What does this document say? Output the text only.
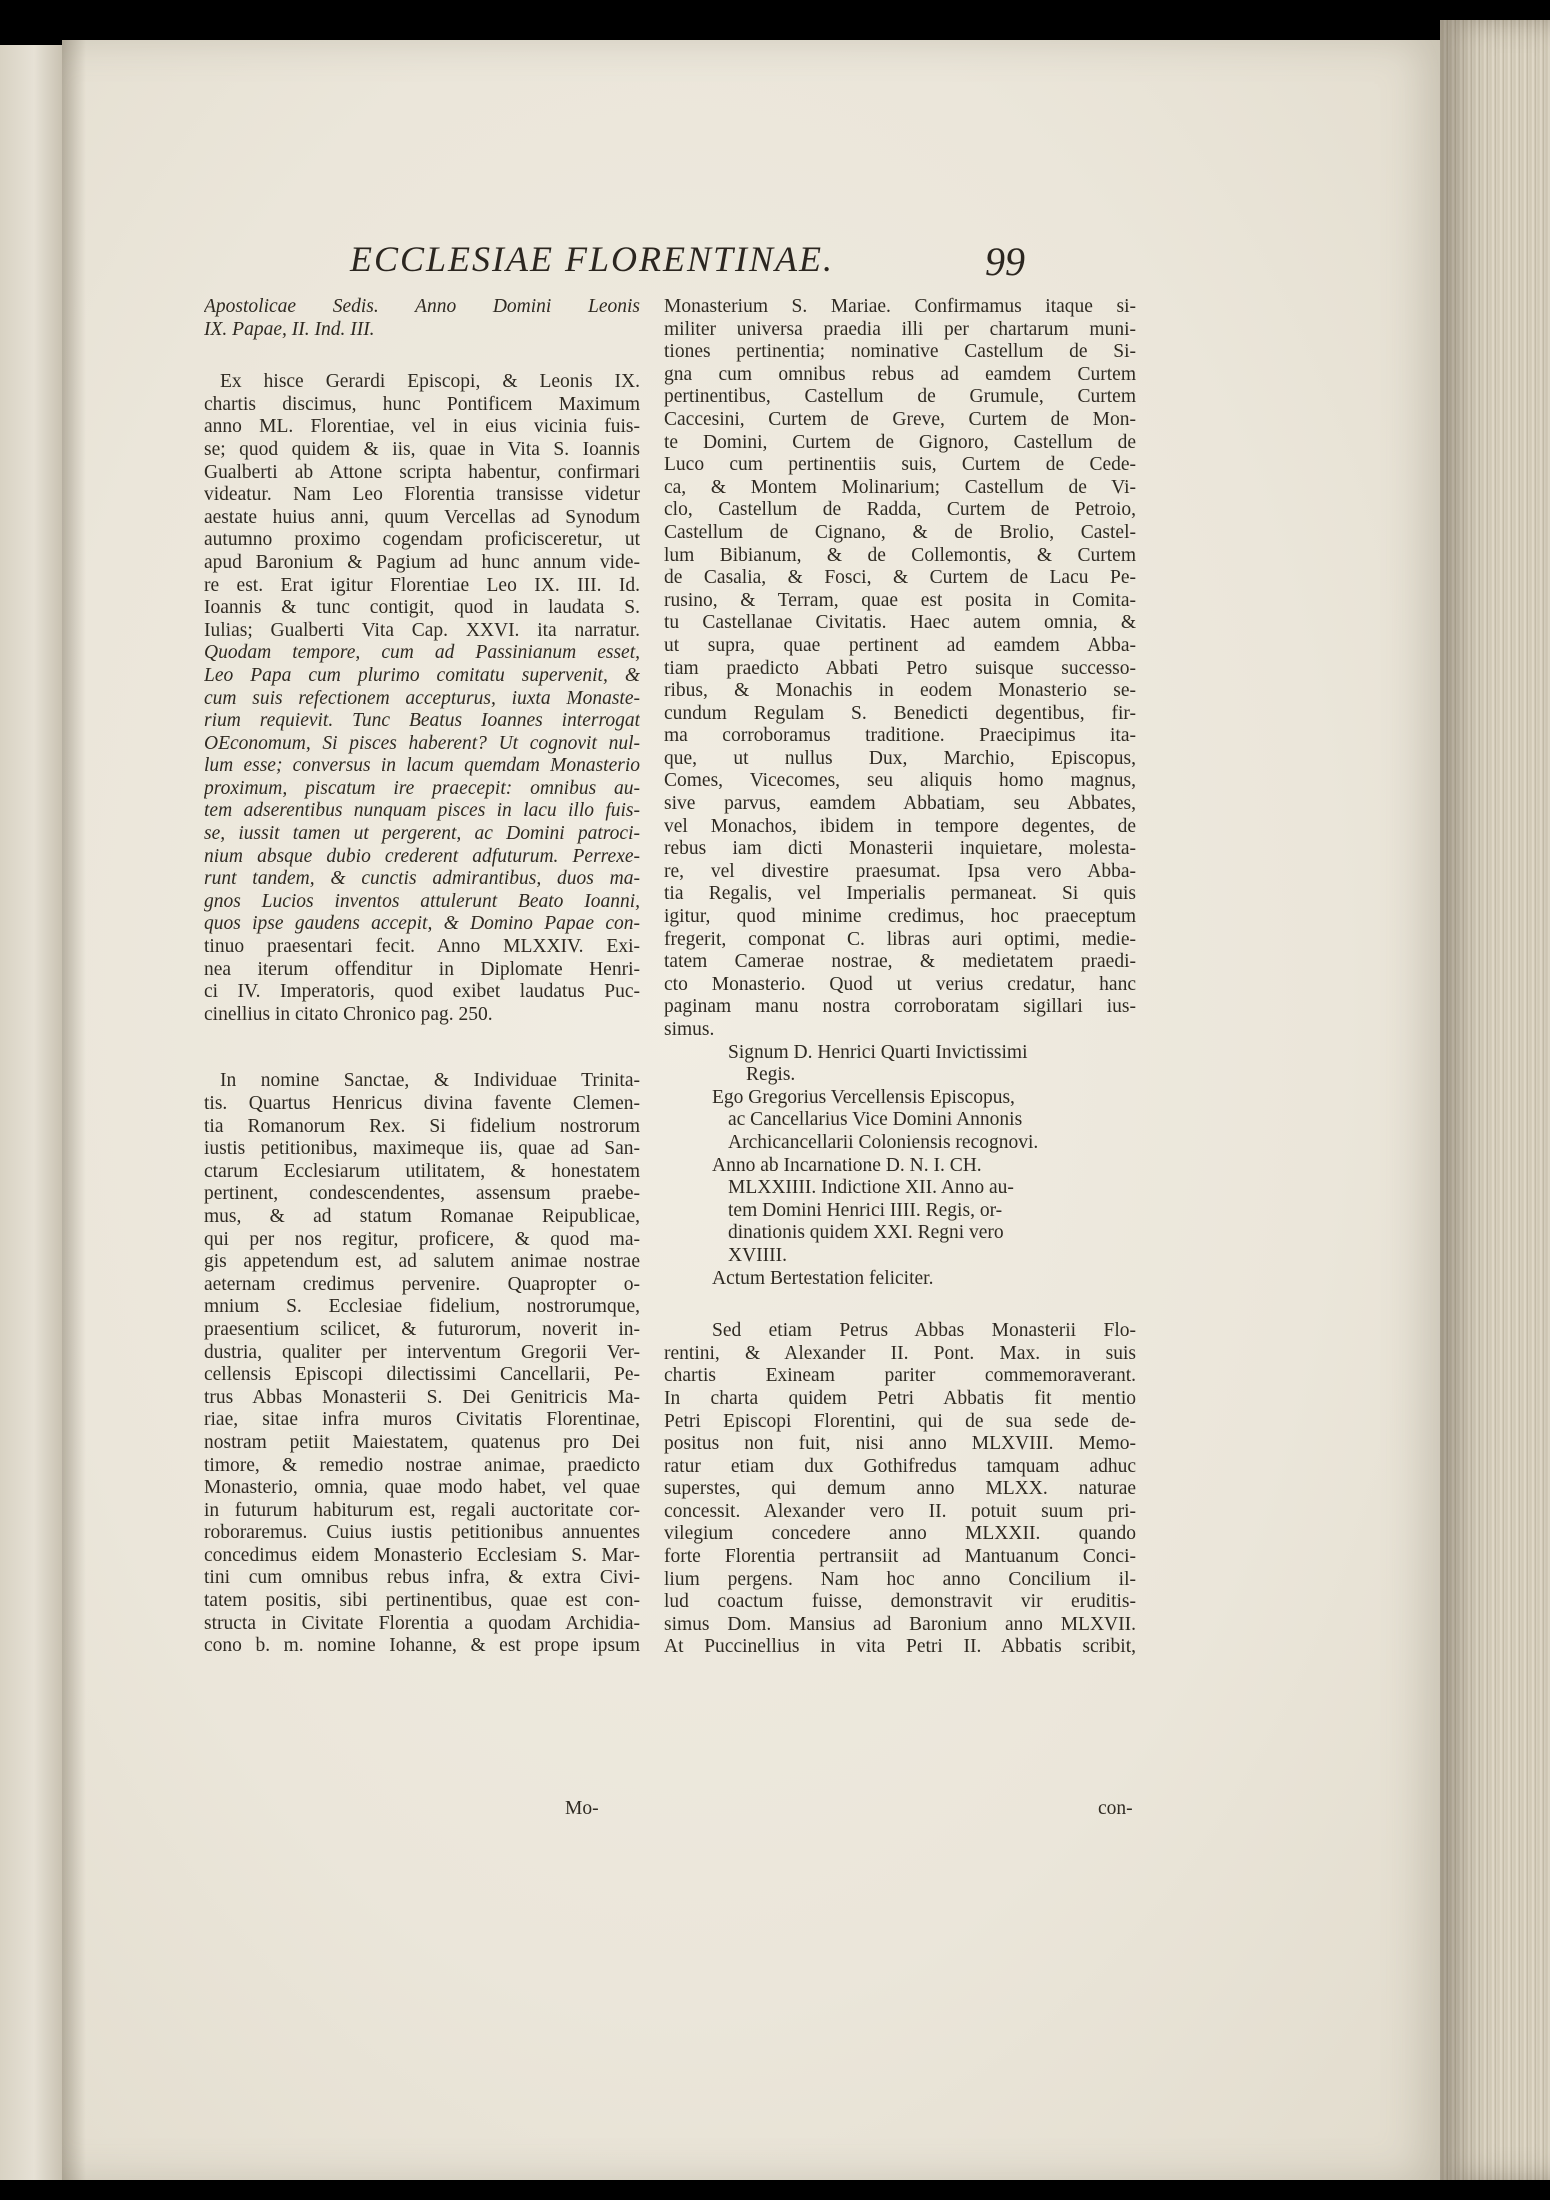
ECCLESIAE FLORENTINAE.	99
Apostolicae Sedis. Anno Domini Leonis
IX. Papae, II. Ind. III.
Ex hisce Gerardi Episcopi, & Leonis IX.
chartis discimus, hunc Pontificem Maximum
anno ML. Florentiae, vel in eius vicinia fuis-
se; quod quidem & iis, quae in Vita S. Ioannis
Gualberti ab Attone scripta habentur, confirmari
videatur. Nam Leo Florentia transisse videtur
aestate huius anni, quum Vercellas ad Synodum
autumno proximo cogendam proficisceretur, ut
apud Baronium & Pagium ad hunc annum vide-
re est. Erat igitur Florentiae Leo IX. III. Id.
Ioannis & tunc contigit, quod in laudata S.
Iulias; Gualberti Vita Cap. XXVI. ita narratur.
Quodam tempore, cum ad Passinianum esset,
Leo Papa cum plurimo comitatu supervenit, &
cum suis refectionem accepturus, iuxta Monaste-
rium requievit. Tunc Beatus Ioannes interrogat
OEconomum, Si pisces haberent? Ut cognovit nul-
lum esse; conversus in lacum quemdam Monasterio
proximum, piscatum ire praecepit: omnibus au-
tem adserentibus nunquam pisces in lacu illo fuis-
se, iussit tamen ut pergerent, ac Domini patroci-
nium absque dubio crederent adfuturum. Perrexe-
runt tandem, & cunctis admirantibus, duos ma-
gnos Lucios inventos attulerunt Beato Ioanni,
quos ipse gaudens accepit, & Domino Papae con-
tinuo praesentari fecit. Anno MLXXIV. Exi-
nea iterum offenditur in Diplomate Henri-
ci IV. Imperatoris, quod exibet laudatus Puc-
cinellius in citato Chronico pag. 250.
In nomine Sanctae, & Individuae Trinita-
tis. Quartus Henricus divina favente Clemen-
tia Romanorum Rex. Si fidelium nostrorum
iustis petitionibus, maximeque iis, quae ad San-
ctarum Ecclesiarum utilitatem, & honestatem
pertinent, condescendentes, assensum praebe-
mus, & ad statum Romanae Reipublicae,
qui per nos regitur, proficere, & quod ma-
gis appetendum est, ad salutem animae nostrae
aeternam credimus pervenire. Quapropter o-
mnium S. Ecclesiae fidelium, nostrorumque,
praesentium scilicet, & futurorum, noverit in-
dustria, qualiter per interventum Gregorii Ver-
cellensis Episcopi dilectissimi Cancellarii, Pe-
trus Abbas Monasterii S. Dei Genitricis Ma-
riae, sitae infra muros Civitatis Florentinae,
nostram petiit Maiestatem, quatenus pro Dei
timore, & remedio nostrae animae, praedicto
Monasterio, omnia, quae modo habet, vel quae
in futurum habiturum est, regali auctoritate cor-
roboraremus. Cuius iustis petitionibus annuentes
concedimus eidem Monasterio Ecclesiam S. Mar-
tini cum omnibus rebus infra, & extra Civi-
tatem positis, sibi pertinentibus, quae est con-
structa in Civitate Florentia a quodam Archidia-
cono b. m. nomine Iohanne, & est prope ipsum
Mo-
Monasterium S. Mariae. Confirmamus itaque si-
militer universa praedia illi per chartarum muni-
tiones pertinentia; nominative Castellum de Si-
gna cum omnibus rebus ad eamdem Curtem
pertinentibus, Castellum de Grumule, Curtem
Caccesini, Curtem de Greve, Curtem de Mon-
te Domini, Curtem de Gignoro, Castellum de
Luco cum pertinentiis suis, Curtem de Cede-
ca, & Montem Molinarium; Castellum de Vi-
clo, Castellum de Radda, Curtem de Petroio,
Castellum de Cignano, & de Brolio, Castel-
lum Bibianum, & de Collemontis, & Curtem
de Casalia, & Fosci, & Curtem de Lacu Pe-
rusino, & Terram, quae est posita in Comita-
tu Castellanae Civitatis. Haec autem omnia, &
ut supra, quae pertinent ad eamdem Abba-
tiam praedicto Abbati Petro suisque successo-
ribus, & Monachis in eodem Monasterio se-
cundum Regulam S. Benedicti degentibus, fir-
ma corroboramus traditione. Praecipimus ita-
que, ut nullus Dux, Marchio, Episcopus,
Comes, Vicecomes, seu aliquis homo magnus,
sive parvus, eamdem Abbatiam, seu Abbates,
vel Monachos, ibidem in tempore degentes, de
rebus iam dicti Monasterii inquietare, molesta-
re, vel divestire praesumat. Ipsa vero Abba-
tia Regalis, vel Imperialis permaneat. Si quis
igitur, quod minime credimus, hoc praeceptum
fregerit, componat C. libras auri optimi, medie-
tatem Camerae nostrae, & medietatem praedi-
cto Monasterio. Quod ut verius credatur, hanc
paginam manu nostra corroboratam sigillari ius-
simus.
Signum D. Henrici Quarti Invictissimi
Regis.
Ego Gregorius Vercellensis Episcopus,
ac Cancellarius Vice Domini Annonis
Archicancellarii Coloniensis recognovi.
Anno ab Incarnatione D. N. I. CH.
MLXXIIII. Indictione XII. Anno au-
tem Domini Henrici IIII. Regis, or-
dinationis quidem XXI. Regni vero
XVIIII.
Actum Bertestation feliciter.
Sed etiam Petrus Abbas Monasterii Flo-
rentini, & Alexander II. Pont. Max. in suis
chartis Exineam pariter commemoraverant.
In charta quidem Petri Abbatis fit mentio
Petri Episcopi Florentini, qui de sua sede de-
positus non fuit, nisi anno MLXVIII. Memo-
ratur etiam dux Gothifredus tamquam adhuc
superstes, qui demum anno MLXX. naturae
concessit. Alexander vero II. potuit suum pri-
vilegium concedere anno MLXXII. quando
forte Florentia pertransiit ad Mantuanum Conci-
lium pergens. Nam hoc anno Concilium il-
lud coactum fuisse, demonstravit vir eruditis-
simus Dom. Mansius ad Baronium anno MLXVII.
At Puccinellius in vita Petri II. Abbatis scribit,
con-
